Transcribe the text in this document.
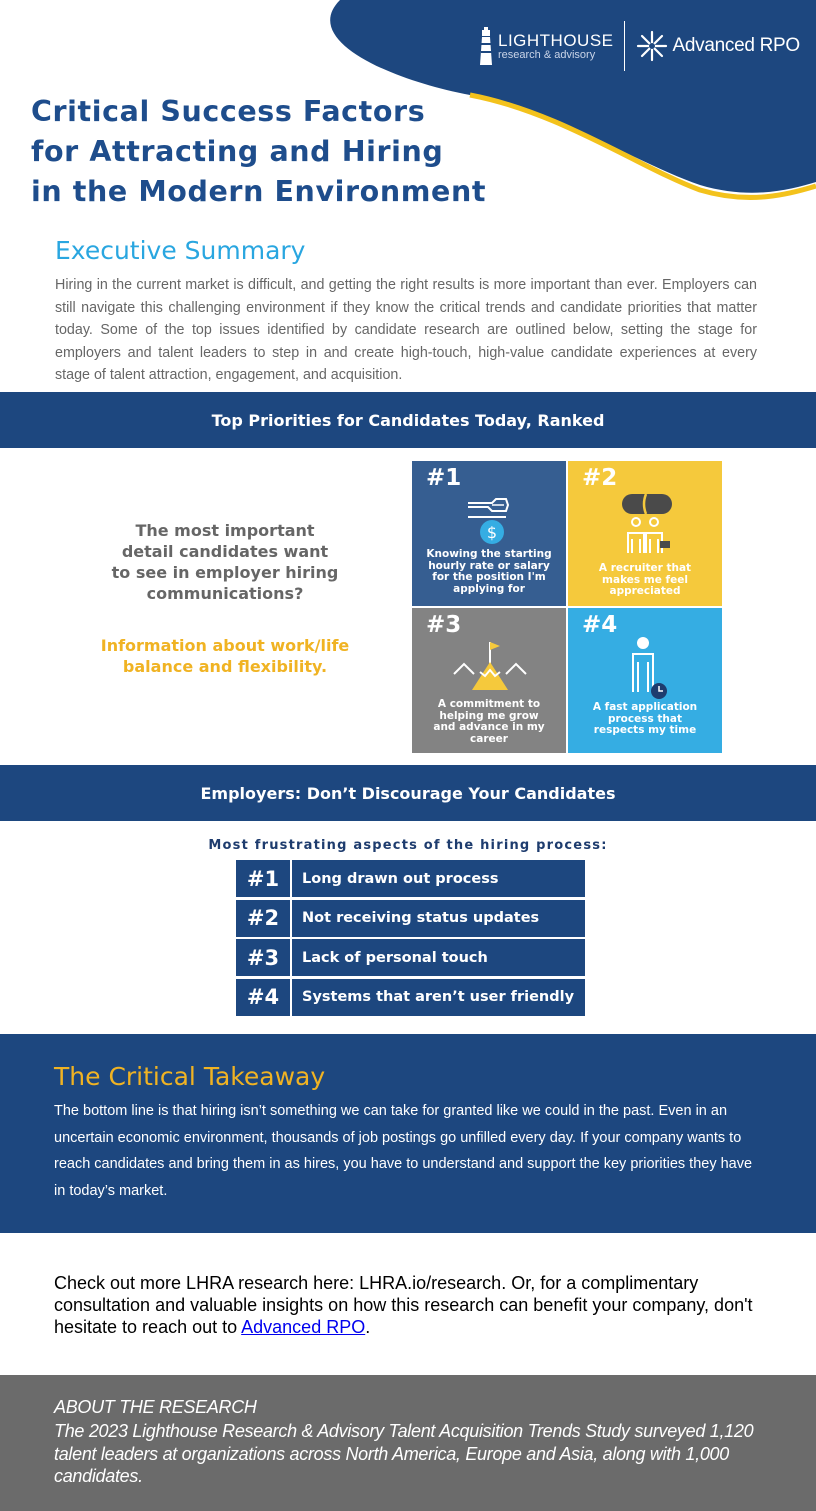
LIGHTHOUSE
research & advisory	Advanced RPO
Critical Success Factors
for Attracting and Hiring
in the Modern Environment
Executive Summary

Hiring in the current market is difficult, and getting the right results is more important than ever. Employers can still navigate this challenging environment if they know the critical trends and candidate priorities that matter today. Some of the top issues identified by candidate research are outlined below, setting the stage for employers and talent leaders to step in and create high-touch, high-value candidate experiences at every stage of talent attraction, engagement, and acquisition.

Top Priorities for Candidates Today, Ranked
The most important
detail candidates want
to see in employer hiring
communications?
Information about work/life
balance and flexibility.
#1
$
Knowing the starting
hourly rate or salary
for the position I'm
applying for
#2
A recruiter that
makes me feel
appreciated
#3
A commitment to
helping me grow
and advance in my
career
#4
A fast application
process that
respects my time
Employers: Don’t Discourage Your Candidates
Most frustrating aspects of the hiring process:
#1	Long drawn out process
#2	Not receiving status updates
#3	Lack of personal touch
#4	Systems that aren’t user friendly
The Critical Takeaway

The bottom line is that hiring isn’t something we can take for granted like we could in the past. Even in an uncertain economic environment, thousands of job postings go unfilled every day. If your company wants to reach candidates and bring them in as hires, you have to understand and support the key priorities they have in today’s market.

Check out more LHRA research here: LHRA.io/research. Or, for a complimentary consultation and valuable insights on how this research can benefit your company, don't hesitate to reach out to Advanced RPO.

ABOUT THE RESEARCH
The 2023 Lighthouse Research & Advisory Talent Acquisition Trends Study surveyed 1,120 talent leaders at organizations across North America, Europe and Asia, along with 1,000 candidates.
